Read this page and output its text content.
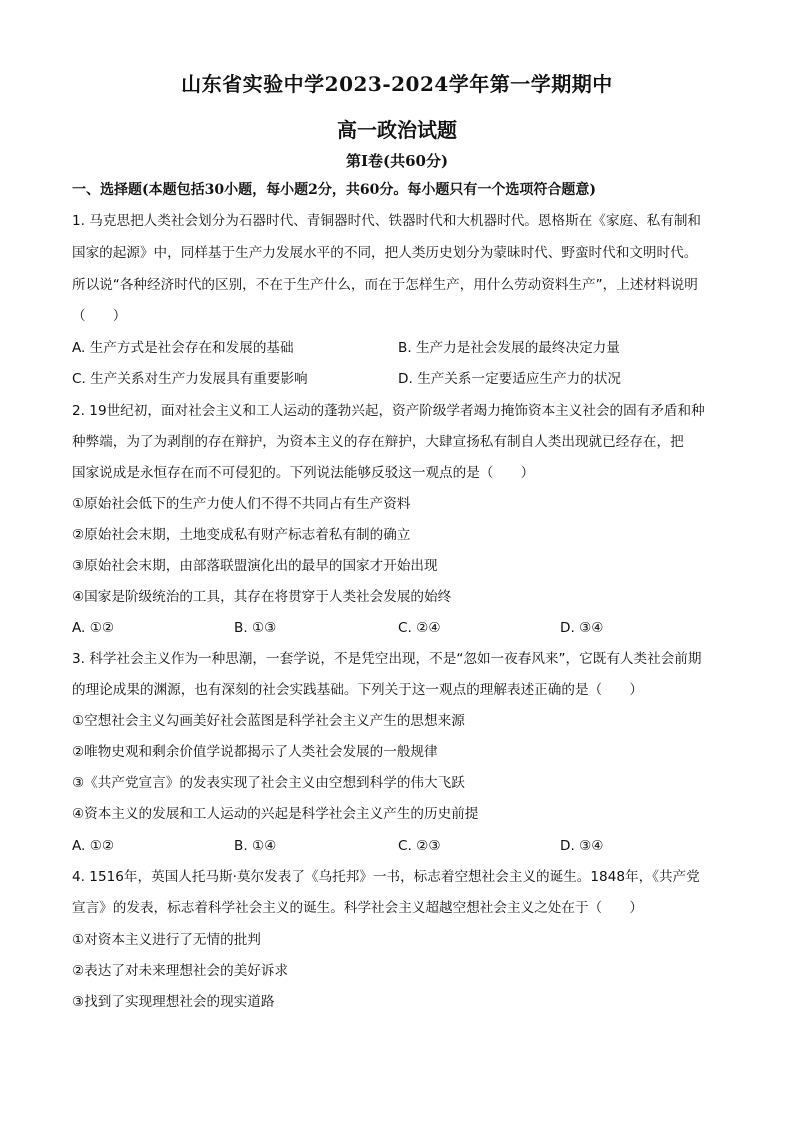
山东省实验中学2023-2024学年第一学期期中
高一政治试题
第Ⅰ卷(共60分)
一、选择题(本题包括30小题，每小题2分，共60分。每小题只有一个选项符合题意)
1. 马克思把人类社会划分为石器时代、青铜器时代、铁器时代和大机器时代。恩格斯在《家庭、私有制和
国家的起源》中，同样基于生产力发展水平的不同，把人类历史划分为蒙昧时代、野蛮时代和文明时代。
所以说“各种经济时代的区别，不在于生产什么，而在于怎样生产，用什么劳动资料生产”，上述材料说明
（　　）
A. 生产方式是社会存在和发展的基础	B. 生产力是社会发展的最终决定力量
C. 生产关系对生产力发展具有重要影响	D. 生产关系一定要适应生产力的状况
2. 19世纪初，面对社会主义和工人运动的蓬勃兴起，资产阶级学者竭力掩饰资本主义社会的固有矛盾和种
种弊端，为了为剥削的存在辩护，为资本主义的存在辩护，大肆宣扬私有制自人类出现就已经存在，把
国家说成是永恒存在而不可侵犯的。下列说法能够反驳这一观点的是（　　）
①原始社会低下的生产力使人们不得不共同占有生产资料
②原始社会末期，土地变成私有财产标志着私有制的确立
③原始社会末期，由部落联盟演化出的最早的国家才开始出现
④国家是阶级统治的工具，其存在将贯穿于人类社会发展的始终
A. ①②	B. ①③	C. ②④	D. ③④
3. 科学社会主义作为一种思潮，一套学说，不是凭空出现，不是“忽如一夜春风来”，它既有人类社会前期
的理论成果的渊源，也有深刻的社会实践基础。下列关于这一观点的理解表述正确的是（　　）
①空想社会主义勾画美好社会蓝图是科学社会主义产生的思想来源
②唯物史观和剩余价值学说都揭示了人类社会发展的一般规律
③《共产党宣言》的发表实现了社会主义由空想到科学的伟大飞跃
④资本主义的发展和工人运动的兴起是科学社会主义产生的历史前提
A. ①②	B. ①④	C. ②③	D. ③④
4. 1516年，英国人托马斯·莫尔发表了《乌托邦》一书，标志着空想社会主义的诞生。1848年，《共产党
宣言》的发表，标志着科学社会主义的诞生。科学社会主义超越空想社会主义之处在于（　　）
①对资本主义进行了无情的批判
②表达了对未来理想社会的美好诉求
③找到了实现理想社会的现实道路
